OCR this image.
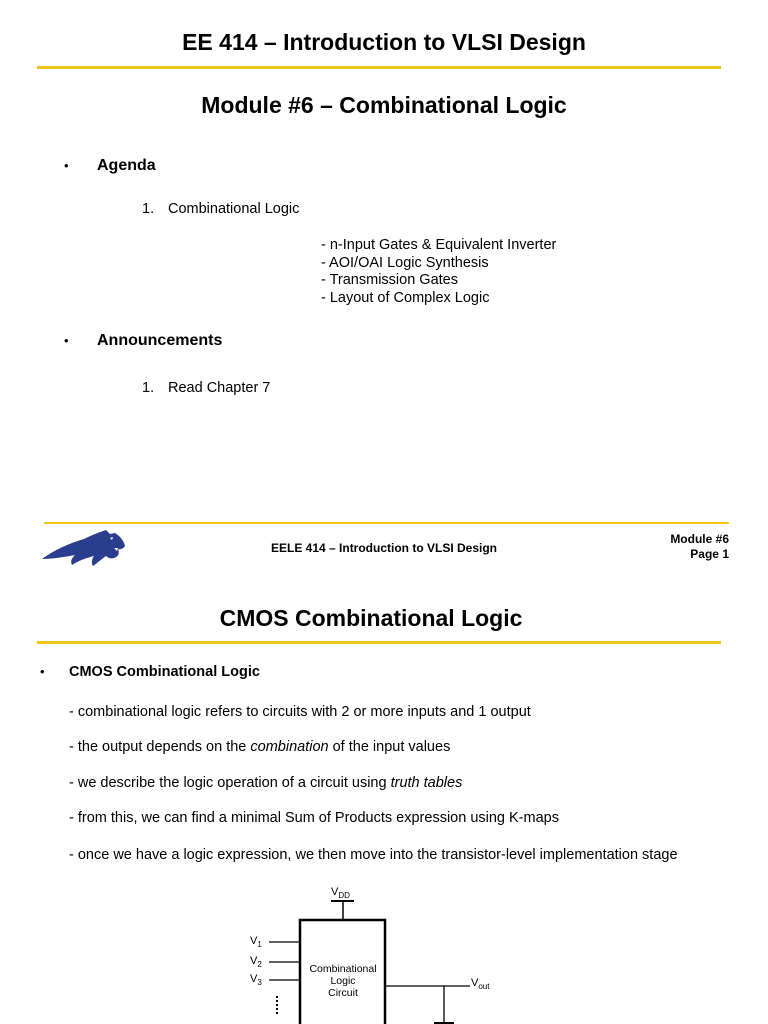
EE 414 – Introduction to VLSI Design
Module #6 – Combinational Logic
• Agenda
1. Combinational Logic
- n-Input Gates & Equivalent Inverter
- AOI/OAI Logic Synthesis
- Transmission Gates
- Layout of Complex Logic
• Announcements
1. Read Chapter 7
EELE 414 – Introduction to VLSI Design
Module #6
Page 1
CMOS Combinational Logic
• CMOS Combinational Logic
- combinational logic refers to circuits with 2 or more inputs and 1 output
- the output depends on the combination of the input values
- we describe the logic operation of a circuit using truth tables
- from this, we can find a minimal Sum of Products expression using K-maps
- once we have a logic expression, we then move into the transistor-level implementation stage
$V_{DD}$
Combinational
Logic
Circuit
$V_1$
$V_2$
$V_3$	$V_{out}$
